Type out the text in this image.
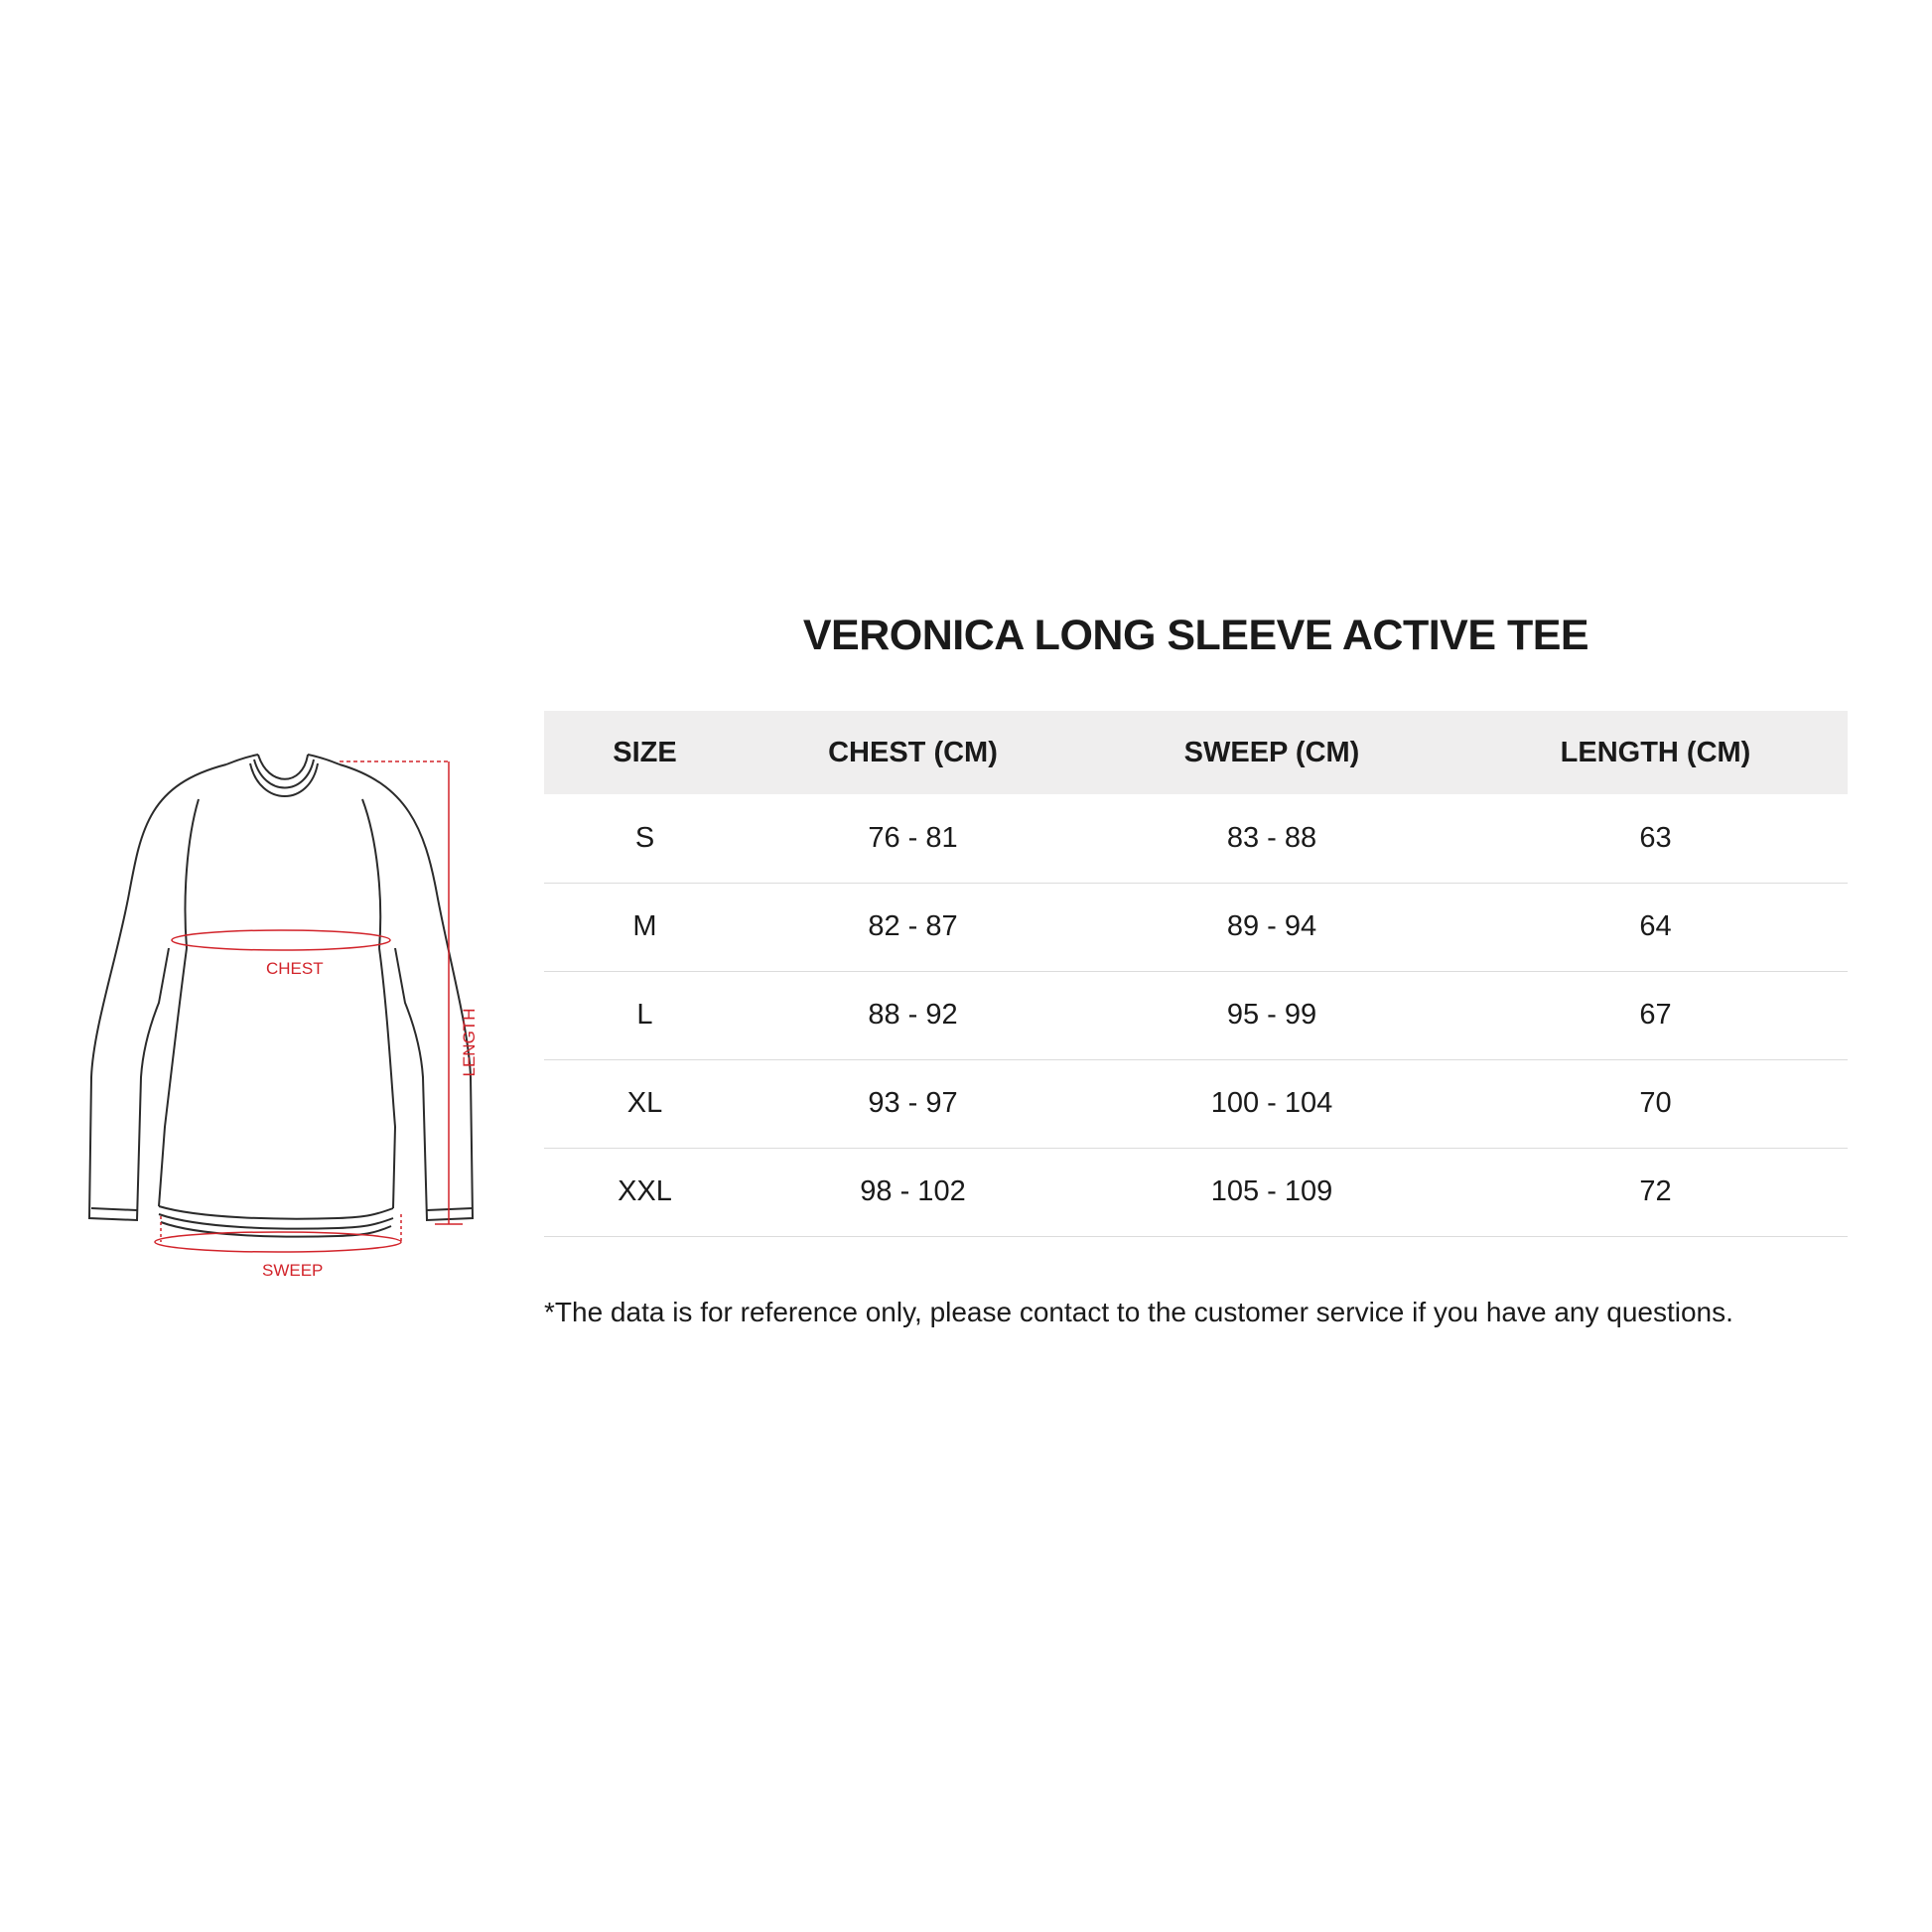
CHEST
LENGTH
SWEEP
VERONICA LONG SLEEVE ACTIVE TEE
SIZE	CHEST (CM)	SWEEP (CM)	LENGTH (CM)
S	76 - 81	83 - 88	63
M	82 - 87	89 - 94	64
L	88 - 92	95 - 99	67
XL	93 - 97	100 - 104	70
XXL	98 - 102	105 - 109	72
*The data is for reference only, please contact to the customer service if you have any questions.
